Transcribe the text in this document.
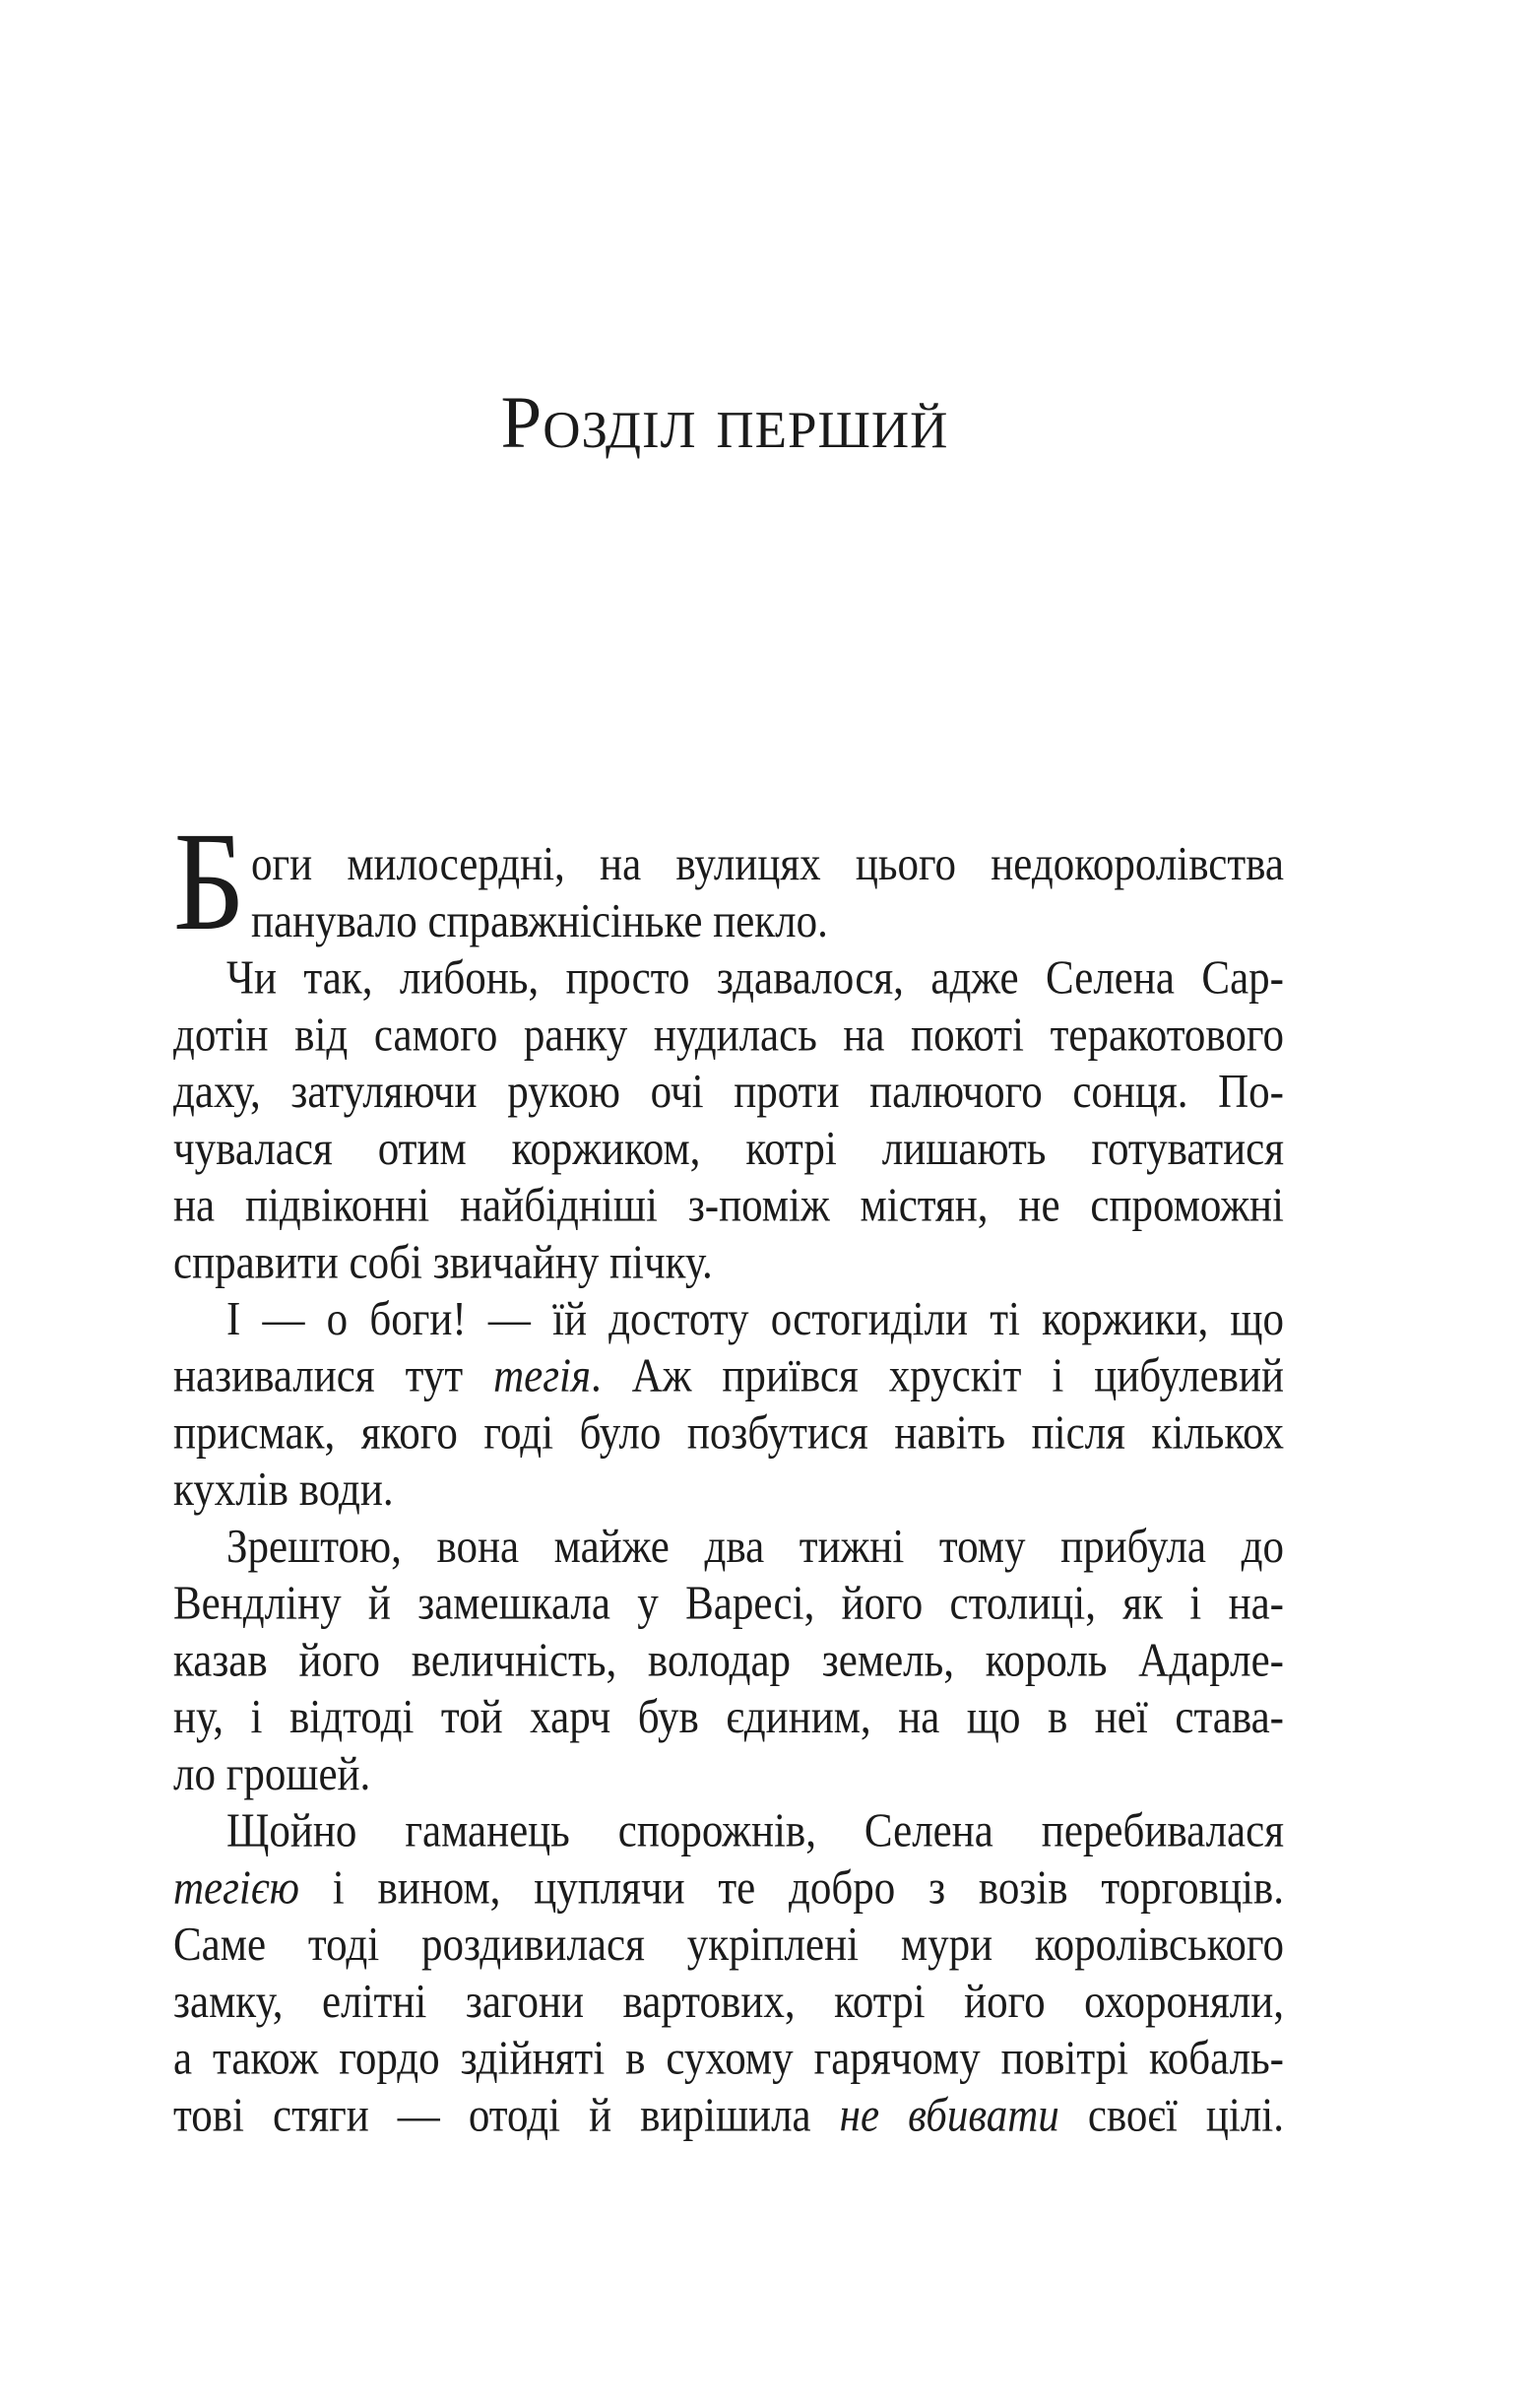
Розділ перший
Б оги милосердні, на вулицях цього недокоролівства
панувало справжнісіньке пекло.
Чи так, либонь, просто здавалося, адже Селена Сар-
дотін від самого ранку нудилась на покоті теракотового
даху, затуляючи рукою очі проти палючого сонця. По-
чувалася отим коржиком, котрі лишають готуватися
на підвіконні найбідніші з-поміж містян, не спроможні
справити собі звичайну пічку.
І — о боги! — їй достоту остогиділи ті коржики, що
називалися тут тегія. Аж приївся хрускіт і цибулевий
присмак, якого годі було позбутися навіть після кількох
кухлів води.
Зрештою, вона майже два тижні тому прибула до
Вендліну й замешкала у Варесі, його столиці, як і на-
казав його величність, володар земель, король Адарле-
ну, і відтоді той харч був єдиним, на що в неї става-
ло грошей.
Щойно гаманець спорожнів, Селена перебивалася
тегією і вином, цуплячи те добро з возів торговців.
Саме тоді роздивилася укріплені мури королівського
замку, елітні загони вартових, котрі його охороняли,
а також гордо здійняті в сухому гарячому повітрі кобаль-
тові стяги — отоді й вирішила не вбивати своєї цілі.
